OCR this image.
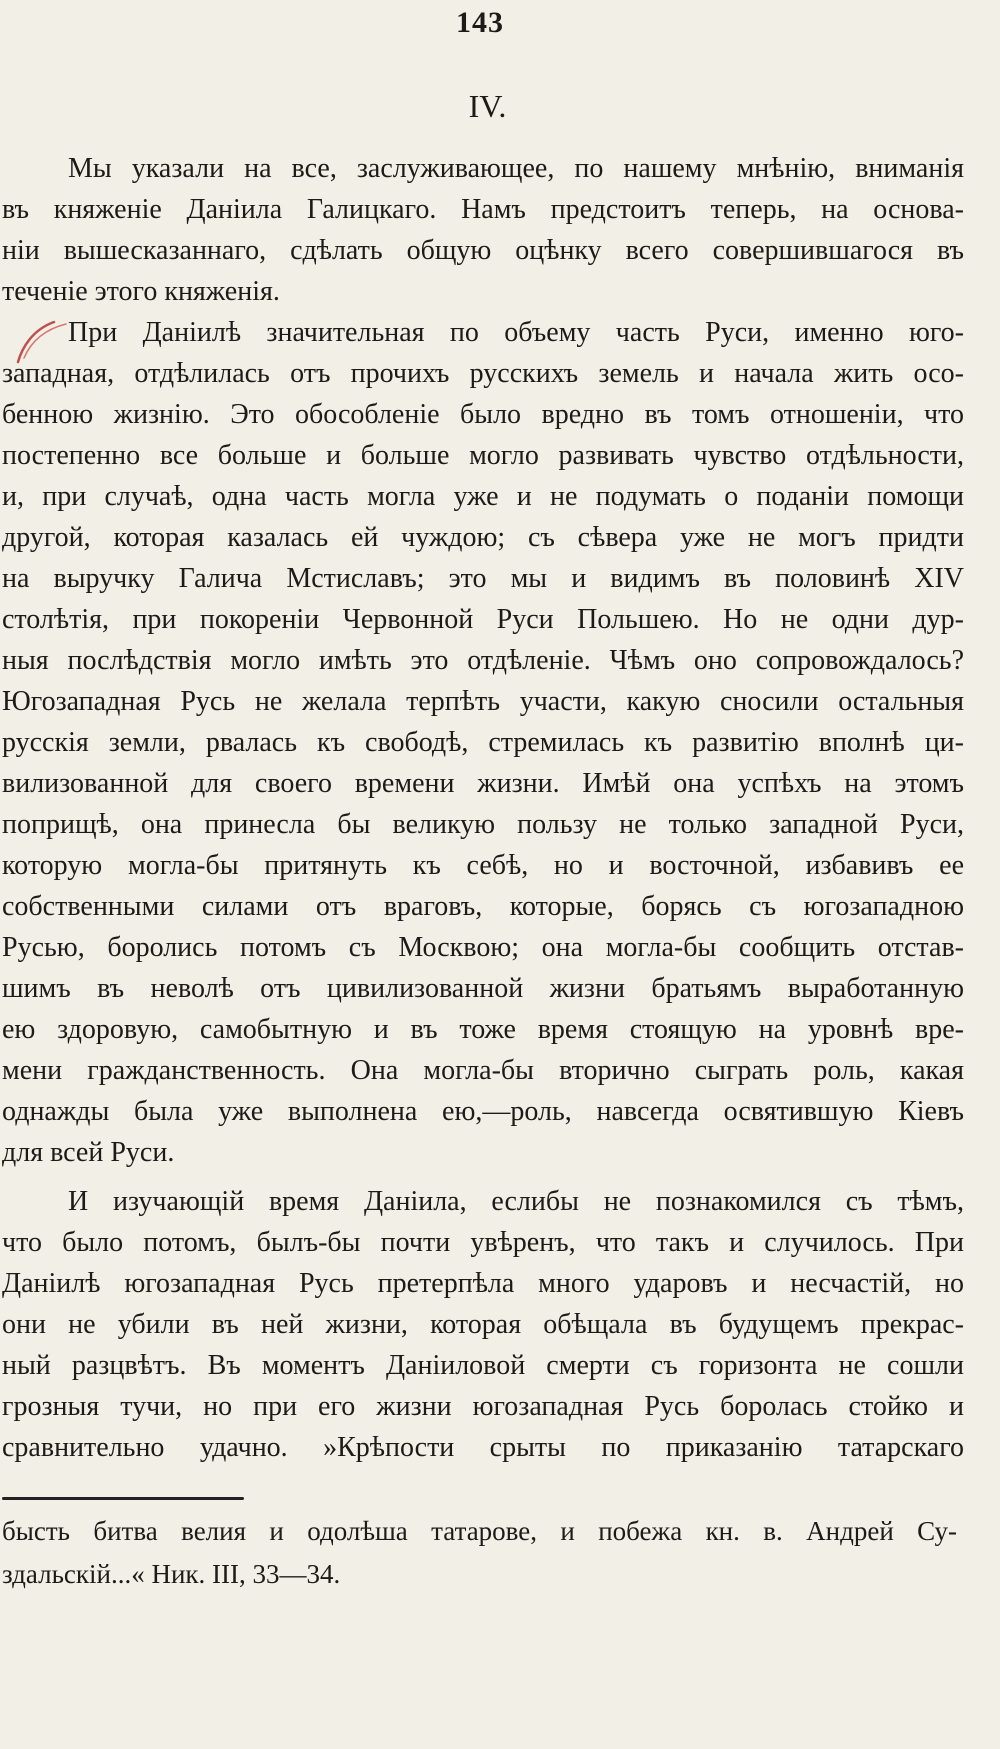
143
IV.
Мы указали на все, заслуживающее, по нашему мнѣнію, вниманія
въ княженіе Даніила Галицкаго. Намъ предстоитъ теперь, на основа-
ніи вышесказаннаго, сдѣлать общую оцѣнку всего совершившагося въ
теченіе этого княженія.
При Даніилѣ значительная по объему часть Руси, именно юго-
западная, отдѣлилась отъ прочихъ русскихъ земель и начала жить осо-
бенною жизнію. Это обособленіе было вредно въ томъ отношеніи, что
постепенно все больше и больше могло развивать чувство отдѣльности,
и, при случаѣ, одна часть могла уже и не подумать о поданіи помощи
другой, которая казалась ей чуждою; съ сѣвера уже не могъ придти
на выручку Галича Мстиславъ; это мы и видимъ въ половинѣ XIV
столѣтія, при покореніи Червонной Руси Польшею. Но не одни дур-
ныя послѣдствія могло имѣть это отдѣленіе. Чѣмъ оно сопровождалось?
Югозападная Русь не желала терпѣть участи, какую сносили остальныя
русскія земли, рвалась къ свободѣ, стремилась къ развитію вполнѣ ци-
вилизованной для своего времени жизни. Имѣй она успѣхъ на этомъ
поприщѣ, она принесла бы великую пользу не только западной Руси,
которую могла-бы притянуть къ себѣ, но и восточной, избавивъ ее
собственными силами отъ враговъ, которые, борясь съ югозападною
Русью, боролись потомъ съ Москвою; она могла-бы сообщить отстав-
шимъ въ неволѣ отъ цивилизованной жизни братьямъ выработанную
ею здоровую, самобытную и въ тоже время стоящую на уровнѣ вре-
мени гражданственность. Она могла-бы вторично сыграть роль, какая
однажды была уже выполнена ею,—роль, навсегда освятившую Кіевъ
для всей Руси.
И изучающій время Даніила, еслибы не познакомился съ тѣмъ,
что было потомъ, былъ-бы почти увѣренъ, что такъ и случилось. При
Даніилѣ югозападная Русь претерпѣла много ударовъ и несчастій, но
они не убили въ ней жизни, которая обѣщала въ будущемъ прекрас-
ный разцвѣтъ. Въ моментъ Даніиловой смерти съ горизонта не сошли
грозныя тучи, но при его жизни югозападная Русь боролась стойко и
сравнительно удачно. »Крѣпости срыты по приказанію татарскаго
бысть битва велия и одолѣша татарове, и побежа кн. в. Андрей Су-
здальскій...« Ник. III, 33—34.
